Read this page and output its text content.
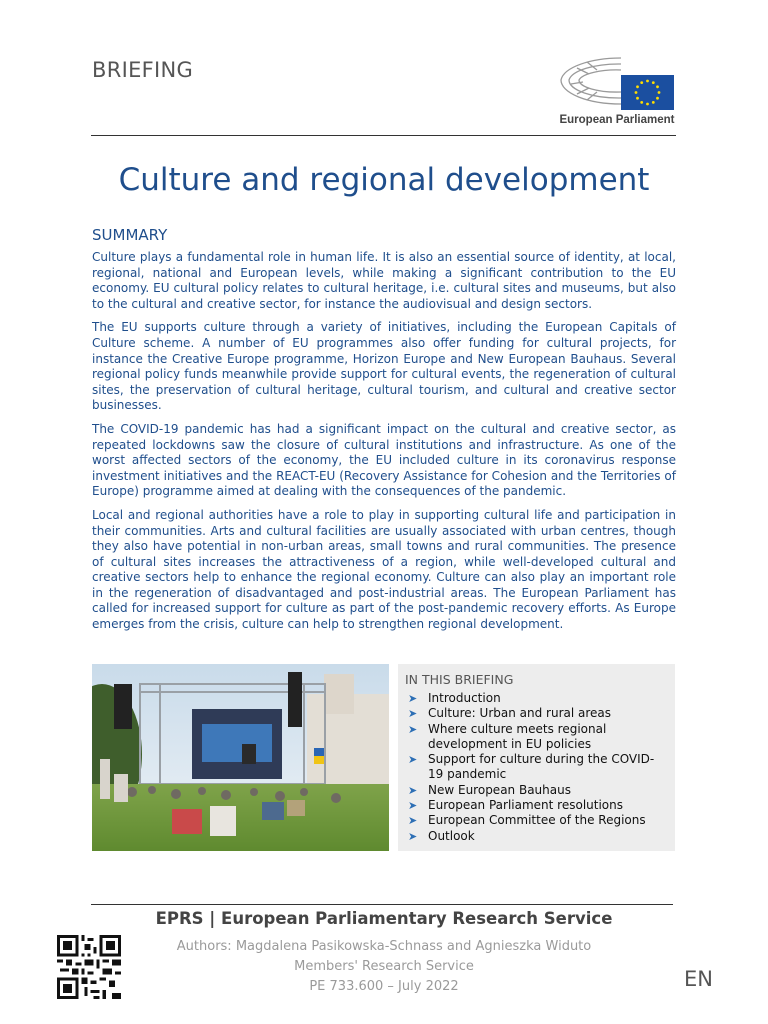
BRIEFING
European Parliament
Culture and regional development
SUMMARY

Culture plays a fundamental role in human life. It is also an essential source of identity, at local, regional, national and European levels, while making a significant contribution to the EU economy. EU cultural policy relates to cultural heritage, i.e. cultural sites and museums, but also to the cultural and creative sector, for instance the audiovisual and design sectors.

The EU supports culture through a variety of initiatives, including the European Capitals of Culture scheme. A number of EU programmes also offer funding for cultural projects, for instance the Creative Europe programme, Horizon Europe and New European Bauhaus. Several regional policy funds meanwhile provide support for cultural events, the regeneration of cultural sites, the preservation of cultural heritage, cultural tourism, and cultural and creative sector businesses.

The COVID-19 pandemic has had a significant impact on the cultural and creative sector, as repeated lockdowns saw the closure of cultural institutions and infrastructure. As one of the worst affected sectors of the economy, the EU included culture in its coronavirus response investment initiatives and the REACT-EU (Recovery Assistance for Cohesion and the Territories of Europe) programme aimed at dealing with the consequences of the pandemic.

Local and regional authorities have a role to play in supporting cultural life and participation in their communities. Arts and cultural facilities are usually associated with urban centres, though they also have potential in non-urban areas, small towns and rural communities. The presence of cultural sites increases the attractiveness of a region, while well-developed cultural and creative sectors help to enhance the regional economy. Culture can also play an important role in the regeneration of disadvantaged and post-industrial areas. The European Parliament has called for increased support for culture as part of the post-pandemic recovery efforts. As Europe emerges from the crisis, culture can help to strengthen regional development.

IN THIS BRIEFING
➤ Introduction
➤ Culture: Urban and rural areas
➤ Where culture meets regional development in EU policies
➤ Support for culture during the COVID-19 pandemic
➤ New European Bauhaus
➤ European Parliament resolutions
➤ European Committee of the Regions
➤ Outlook
EPRS | European Parliamentary Research Service
Authors: Magdalena Pasikowska-Schnass and Agnieszka Widuto
Members' Research Service
PE 733.600 – July 2022	EN
